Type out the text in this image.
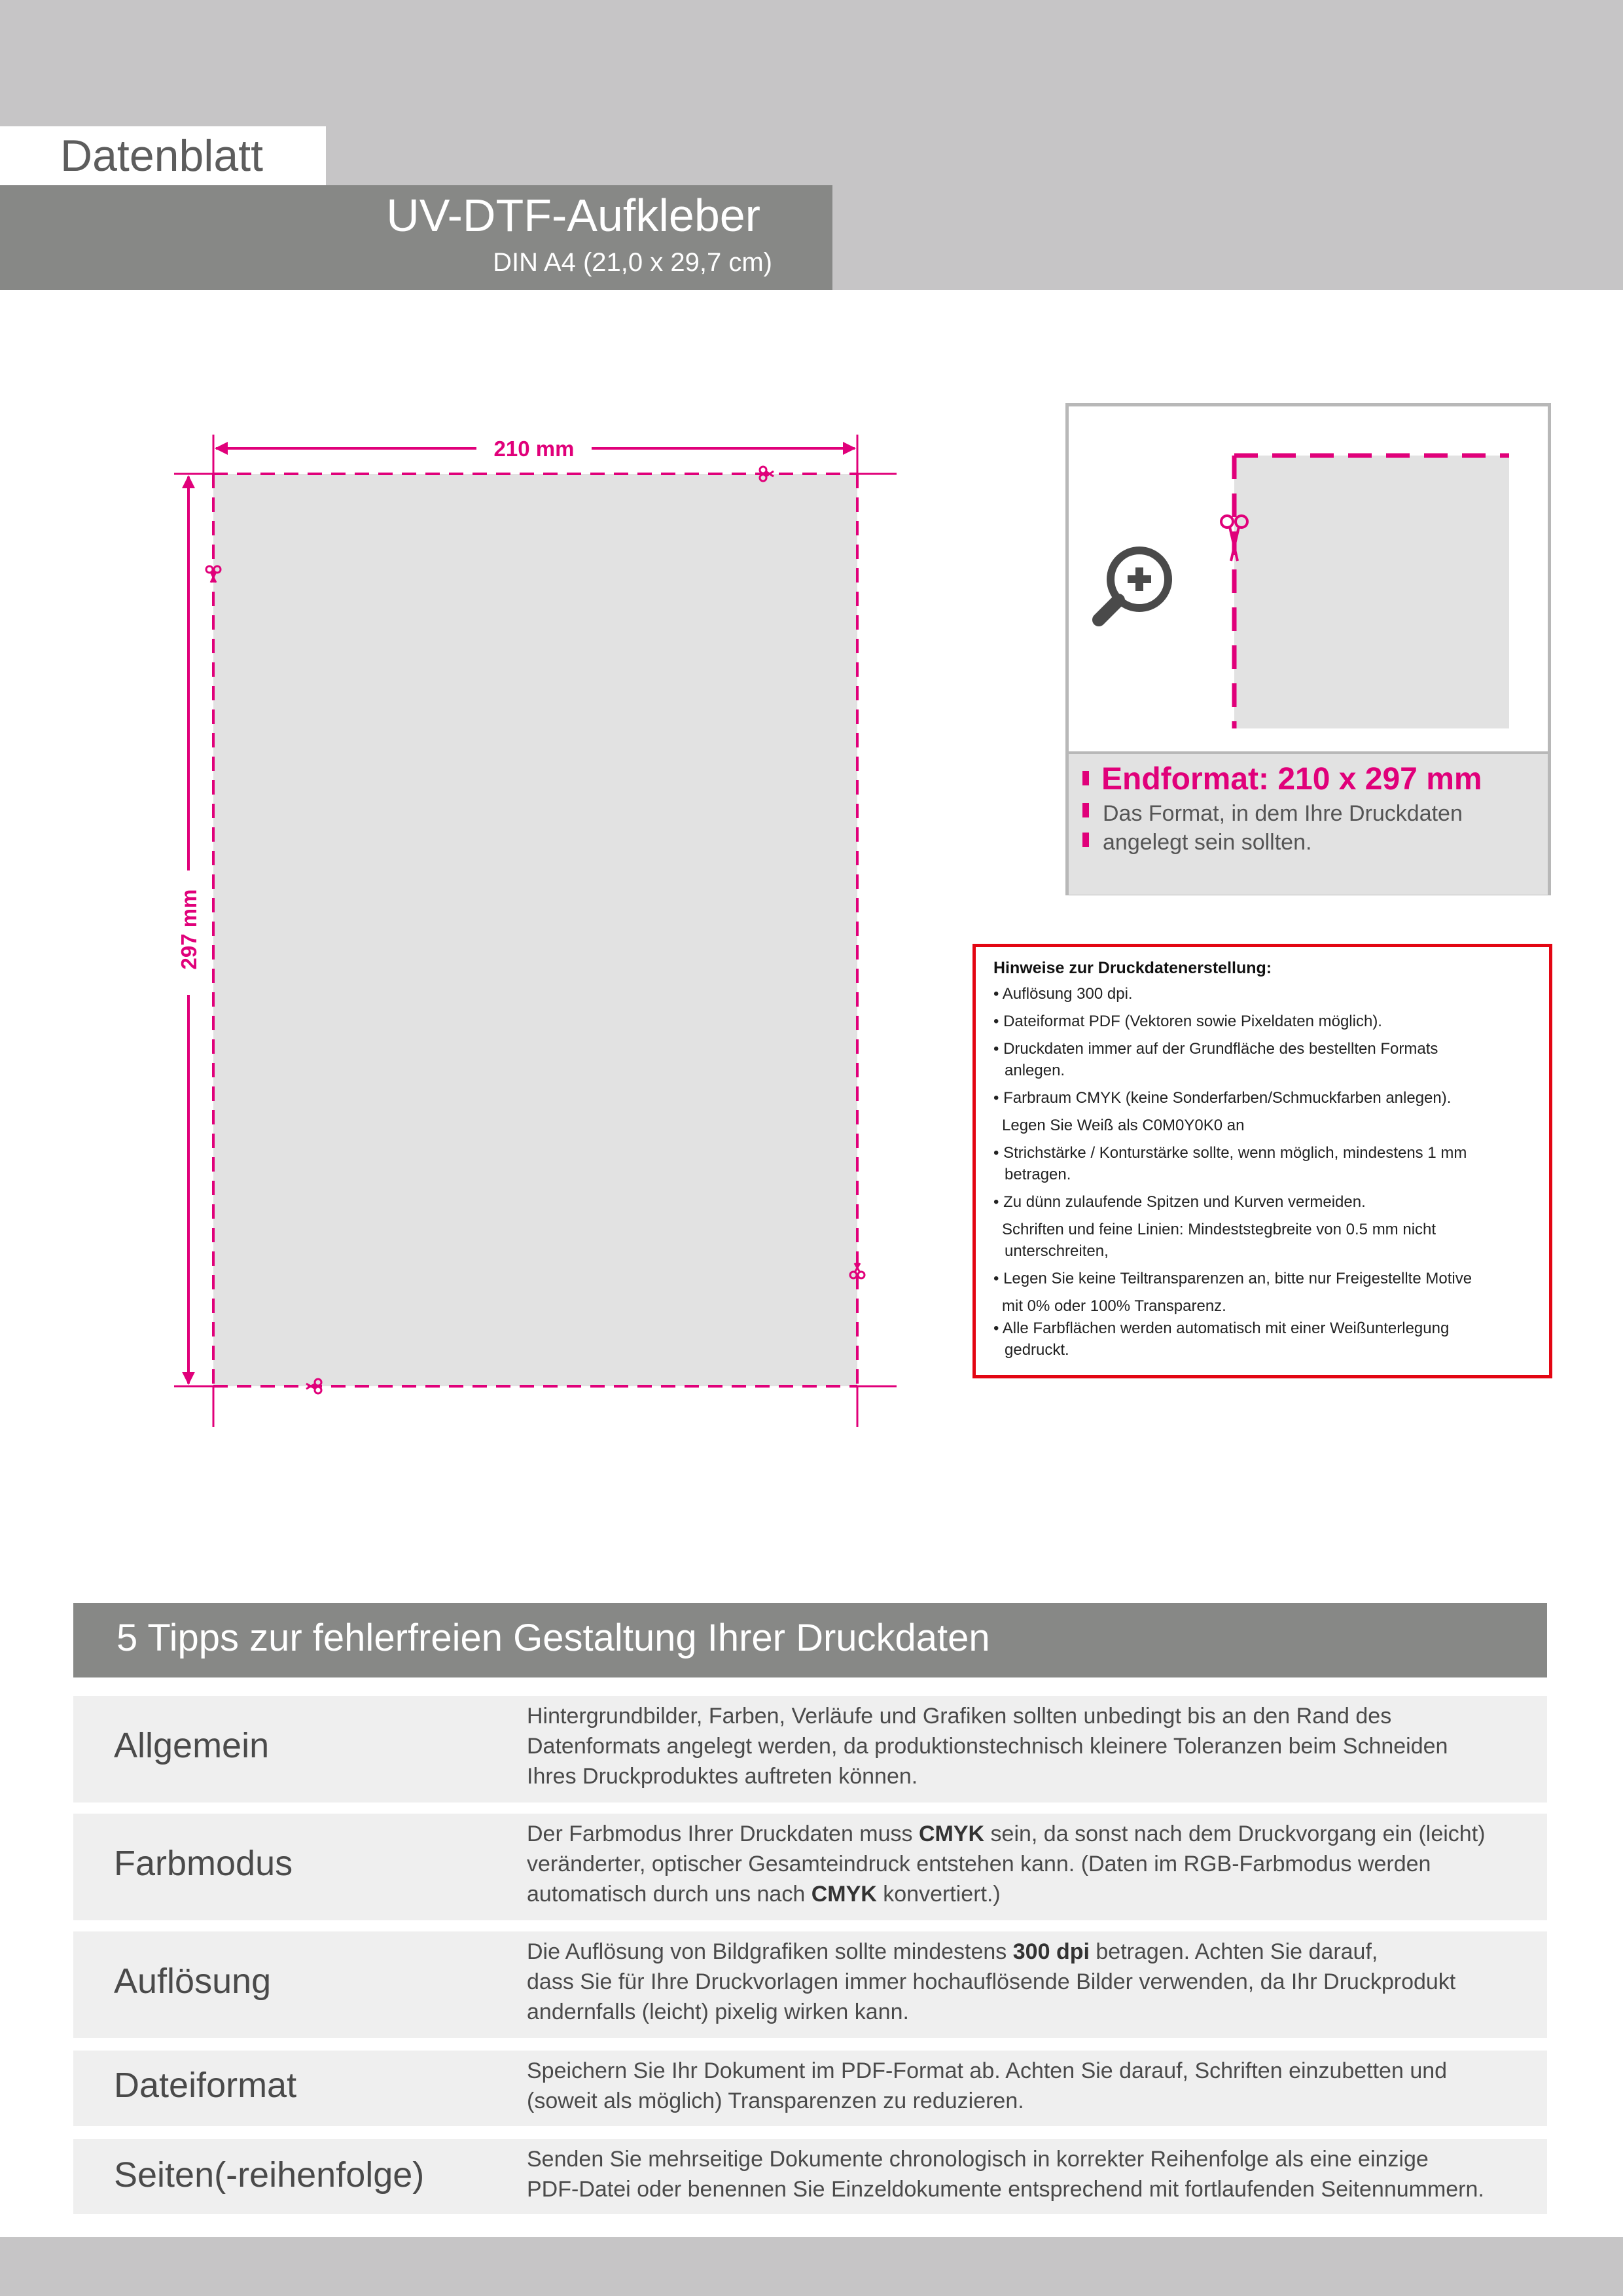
Datenblatt
UV-DTF-Aufkleber
DIN A4 (21,0 x 29,7 cm)
210 mm
297 mm
Endformat: 210 x 297 mm
Das Format, in dem Ihre Druckdaten
angelegt sein sollten.
Hinweise zur Druckdatenerstellung:
• Auflösung 300 dpi.
• Dateiformat PDF (Vektoren sowie Pixeldaten möglich).
• Druckdaten immer auf der Grundfläche des bestellten Formats
anlegen.
• Farbraum CMYK (keine Sonderfarben/Schmuckfarben anlegen).
Legen Sie Weiß als C0M0Y0K0 an
• Strichstärke / Konturstärke sollte, wenn möglich, mindestens 1 mm
betragen.
• Zu dünn zulaufende Spitzen und Kurven vermeiden.
Schriften und feine Linien: Mindeststegbreite von 0.5 mm nicht
unterschreiten,
• Legen Sie keine Teiltransparenzen an, bitte nur Freigestellte Motive
mit 0% oder 100% Transparenz.
• Alle Farbflächen werden automatisch mit einer Weißunterlegung
gedruckt.
5 Tipps zur fehlerfreien Gestaltung Ihrer Druckdaten
Allgemein
Hintergrundbilder, Farben, Verläufe und Grafiken sollten unbedingt bis an den Rand des
Datenformats angelegt werden, da produktionstechnisch kleinere Toleranzen beim Schneiden
Ihres Druckproduktes auftreten können.
Farbmodus
Der Farbmodus Ihrer Druckdaten muss CMYK sein, da sonst nach dem Druckvorgang ein (leicht)
veränderter, optischer Gesamteindruck entstehen kann. (Daten im RGB-Farbmodus werden
automatisch durch uns nach CMYK konvertiert.)
Auflösung
Die Auflösung von Bildgrafiken sollte mindestens 300 dpi betragen. Achten Sie darauf,
dass Sie für Ihre Druckvorlagen immer hochauflösende Bilder verwenden, da Ihr Druckprodukt
andernfalls (leicht) pixelig wirken kann.
Dateiformat	Speichern Sie Ihr Dokument im PDF-Format ab. Achten Sie darauf, Schriften einzubetten und
(soweit als möglich) Transparenzen zu reduzieren.
Seiten(-reihenfolge)	Senden Sie mehrseitige Dokumente chronologisch in korrekter Reihenfolge als eine einzige
PDF-Datei oder benennen Sie Einzeldokumente entsprechend mit fortlaufenden Seitennummern.
